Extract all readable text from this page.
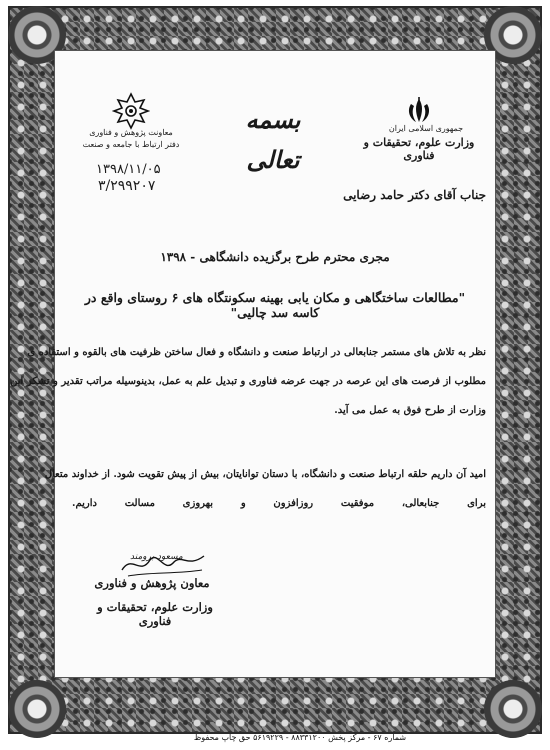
جمهوری اسلامی ایران
وزارت علوم، تحقیقات و فناوری
بسمه تعالی
معاونت پژوهش و فناوری
دفتر ارتباط با جامعه و صنعت
۱۳۹۸/۱۱/۰۵
۳/۲۹۹۲۰۷
جناب آقای دکتر حامد رضایی
مجری محترم طرح برگزیده دانشگاهی - ۱۳۹۸
"مطالعات ساختگاهی و مکان یابی بهینه سکونتگاه های ۶ روستای واقع در کاسه سد چالیی"
نظر به تلاش های مستمر جنابعالی در ارتباط صنعت و دانشگاه و فعال ساختن ظرفیت های بالقوه و استفاده ی
مطلوب از فرصت های این عرصه در جهت عرضه فناوری و تبدیل علم به عمل، بدینوسیله مراتب تقدیر و تشکر این
وزارت از طرح فوق به عمل می آید.
امید آن داریم حلقه ارتباط صنعت و دانشگاه، با دستان توانایتان، بیش از پیش تقویت شود. از خداوند متعال
برای جنابعالی، موفقیت روزافزون و بهروزی مسالت داریم.
مسعود برومند
معاون پژوهش و فناوری
وزارت علوم، تحقیقات و فناوری
شماره ۶۷ - مرکز پخش ۸۸۳۳۱۲۰۰ - ۵۶۱۹۲۲۹ حق چاپ محفوظ
